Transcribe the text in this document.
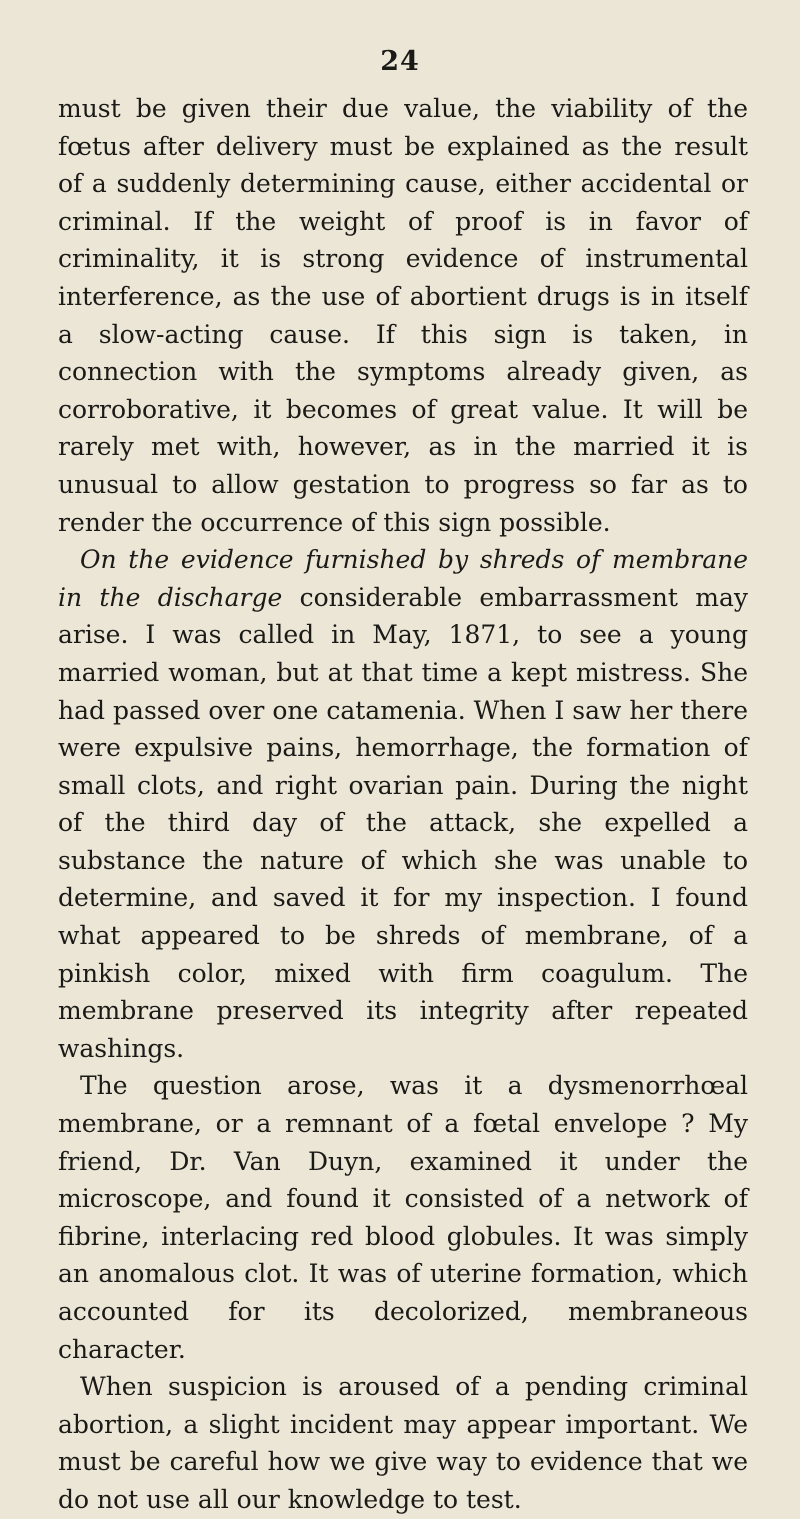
24

must be given their due value, the viability of the fœtus after delivery must be explained as the result of a suddenly determining cause, either accidental or criminal. If the weight of proof is in favor of criminality, it is strong evidence of instrumental interference, as the use of abortient drugs is in itself a slow-acting cause. If this sign is taken, in connection with the symptoms already given, as corroborative, it becomes of great value. It will be rarely met with, however, as in the married it is unusual to allow gestation to progress so far as to render the occurrence of this sign possible.

On the evidence furnished by shreds of membrane in the discharge considerable embarrassment may arise. I was called in May, 1871, to see a young married woman, but at that time a kept mistress. She had passed over one catamenia. When I saw her there were expulsive pains, hemorrhage, the formation of small clots, and right ovarian pain. During the night of the third day of the attack, she expelled a substance the nature of which she was unable to determine, and saved it for my inspection. I found what appeared to be shreds of membrane, of a pinkish color, mixed with firm coagulum. The membrane preserved its integrity after repeated washings.

The question arose, was it a dysmenorrhœal membrane, or a remnant of a fœtal envelope ? My friend, Dr. Van Duyn, examined it under the microscope, and found it consisted of a network of fibrine, interlacing red blood globules. It was simply an anomalous clot. It was of uterine formation, which accounted for its decolorized, membraneous character.

When suspicion is aroused of a pending criminal abortion, a slight incident may appear important. We must be careful how we give way to evidence that we do not use all our knowledge to test.
